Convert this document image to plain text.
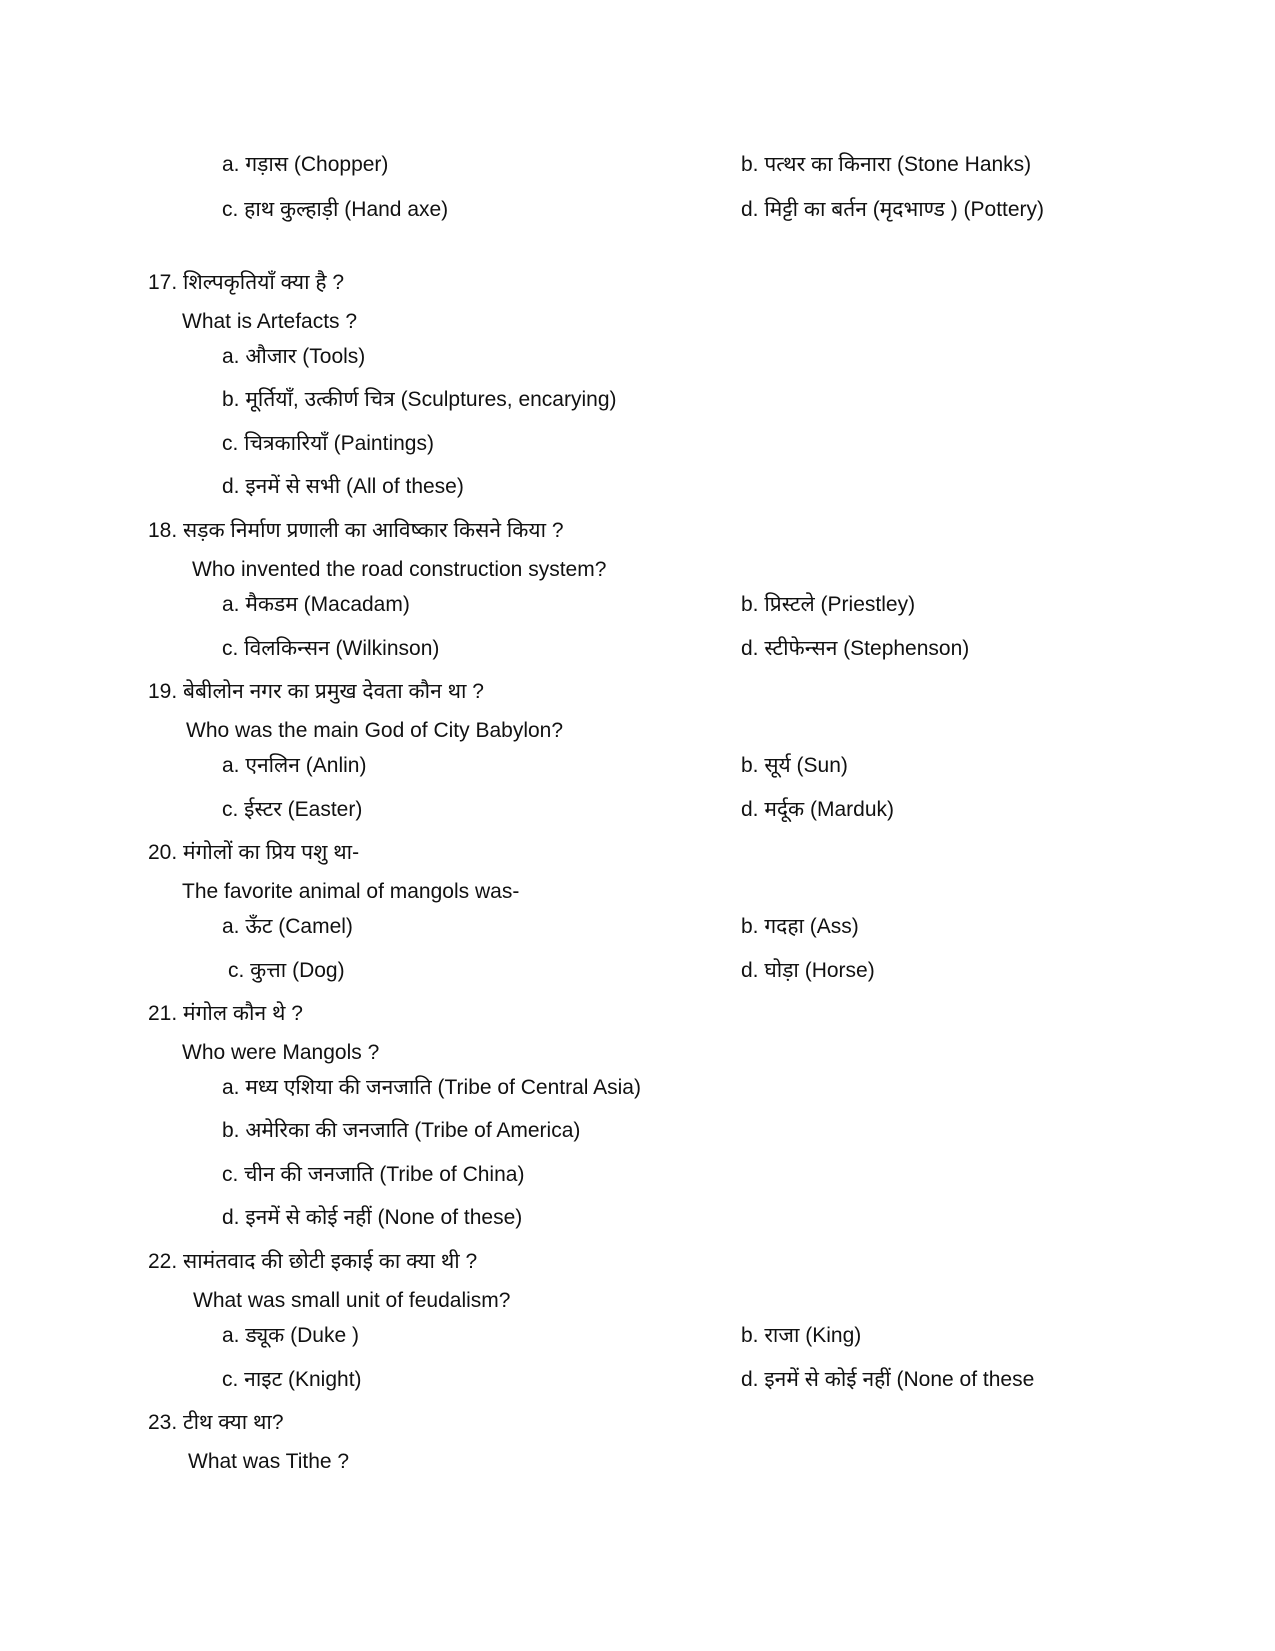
a. गड़ास (Chopper)	b. पत्थर का किनारा (Stone Hanks)
c. हाथ कुल्हाड़ी (Hand axe)	d. मिट्टी का बर्तन (मृदभाण्ड ) (Pottery)
17. शिल्पकृतियाँ क्या है ?
What is Artefacts ?
a. औजार (Tools)
b. मूर्तियाँ, उत्कीर्ण चित्र (Sculptures, encarying)
c. चित्रकारियाँ (Paintings)
d. इनमें से सभी (All of these)
18. सड़क निर्माण प्रणाली का आविष्कार किसने किया ?
Who invented the road construction system?
a. मैकडम (Macadam)	b. प्रिस्टले (Priestley)
c. विलकिन्सन (Wilkinson)	d. स्टीफेन्सन (Stephenson)
19. बेबीलोन नगर का प्रमुख देवता कौन था ?
Who was the main God of City Babylon?
a. एनलिन (Anlin)	b. सूर्य (Sun)
c. ईस्टर (Easter)	d. मर्दूक (Marduk)
20. मंगोलों का प्रिय पशु था-
The favorite animal of mangols was-
a. ऊँट (Camel)	b. गदहा (Ass)
c. कुत्ता (Dog)	d. घोड़ा (Horse)
21. मंगोल कौन थे ?
Who were Mangols ?
a. मध्य एशिया की जनजाति (Tribe of Central Asia)
b. अमेरिका की जनजाति (Tribe of America)
c. चीन की जनजाति (Tribe of China)
d. इनमें से कोई नहीं (None of these)
22. सामंतवाद की छोटी इकाई का क्या थी ?
What was small unit of feudalism?
a. ड्यूक (Duke )	b. राजा (King)
c. नाइट (Knight)	d. इनमें से कोई नहीं (None of these
23. टीथ क्या था?
What was Tithe ?
